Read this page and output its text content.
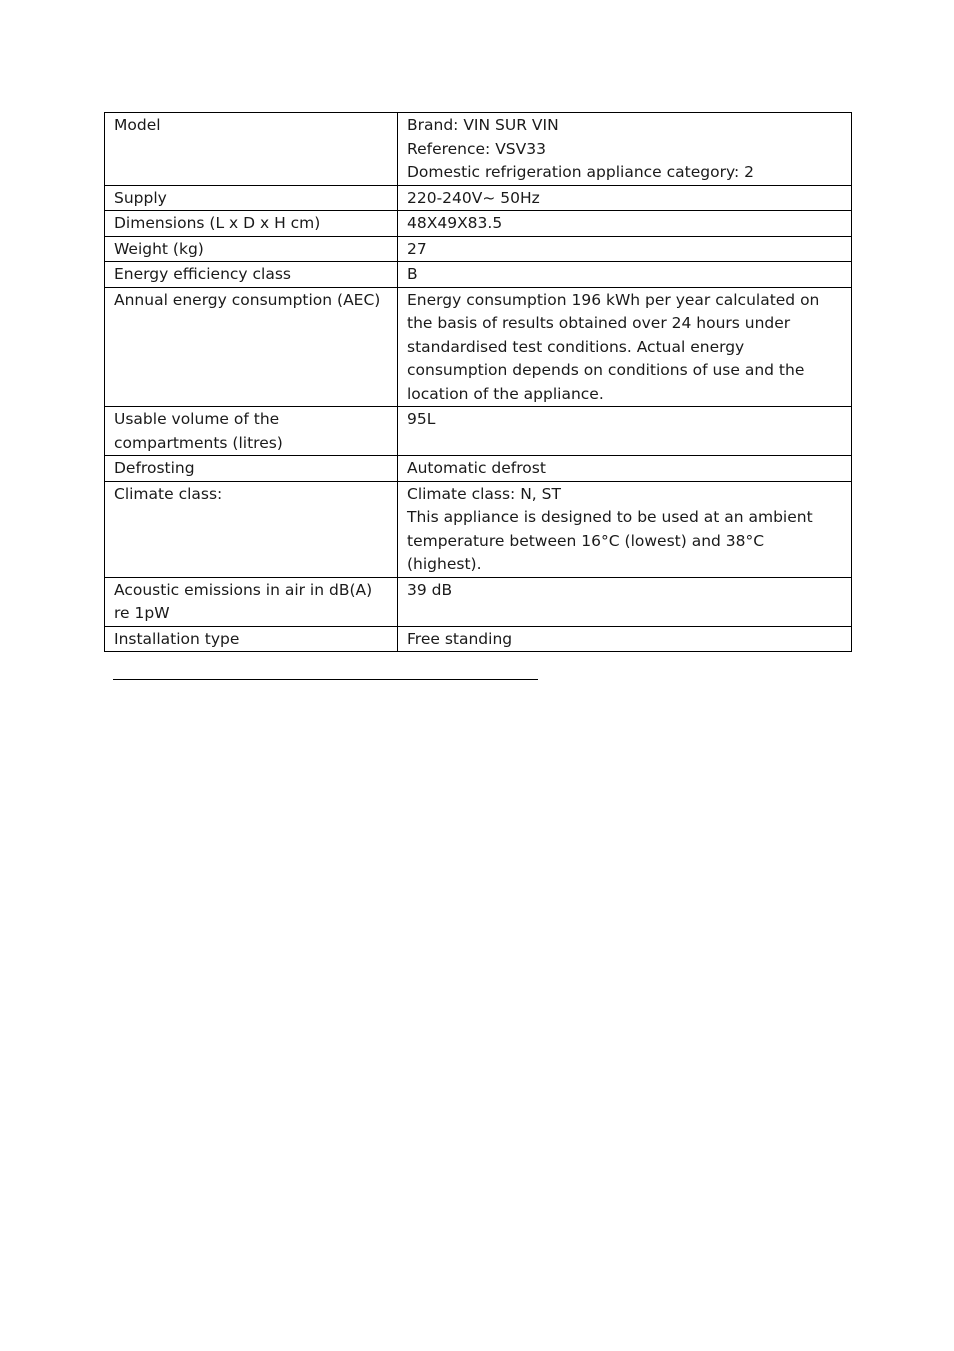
Model	Brand: VIN SUR VIN
Reference: VSV33
Domestic refrigeration appliance category: 2

Supply	220-240V~ 50Hz
Dimensions (L x D x H cm)	48X49X83.5
Weight (kg)	27
Energy efficiency class	B
Annual energy consumption (AEC)	Energy consumption 196 kWh per year calculated on the basis of results obtained over 24 hours under standardised test conditions. Actual energy consumption depends on conditions of use and the location of the appliance.
Usable volume of the compartments (litres)	95L
Defrosting	Automatic defrost
Climate class:	Climate class: N, ST
This appliance is designed to be used at an ambient temperature between 16°C (lowest) and 38°C (highest).

Acoustic emissions in air in dB(A) re 1pW	39 dB
Installation type	Free standing
